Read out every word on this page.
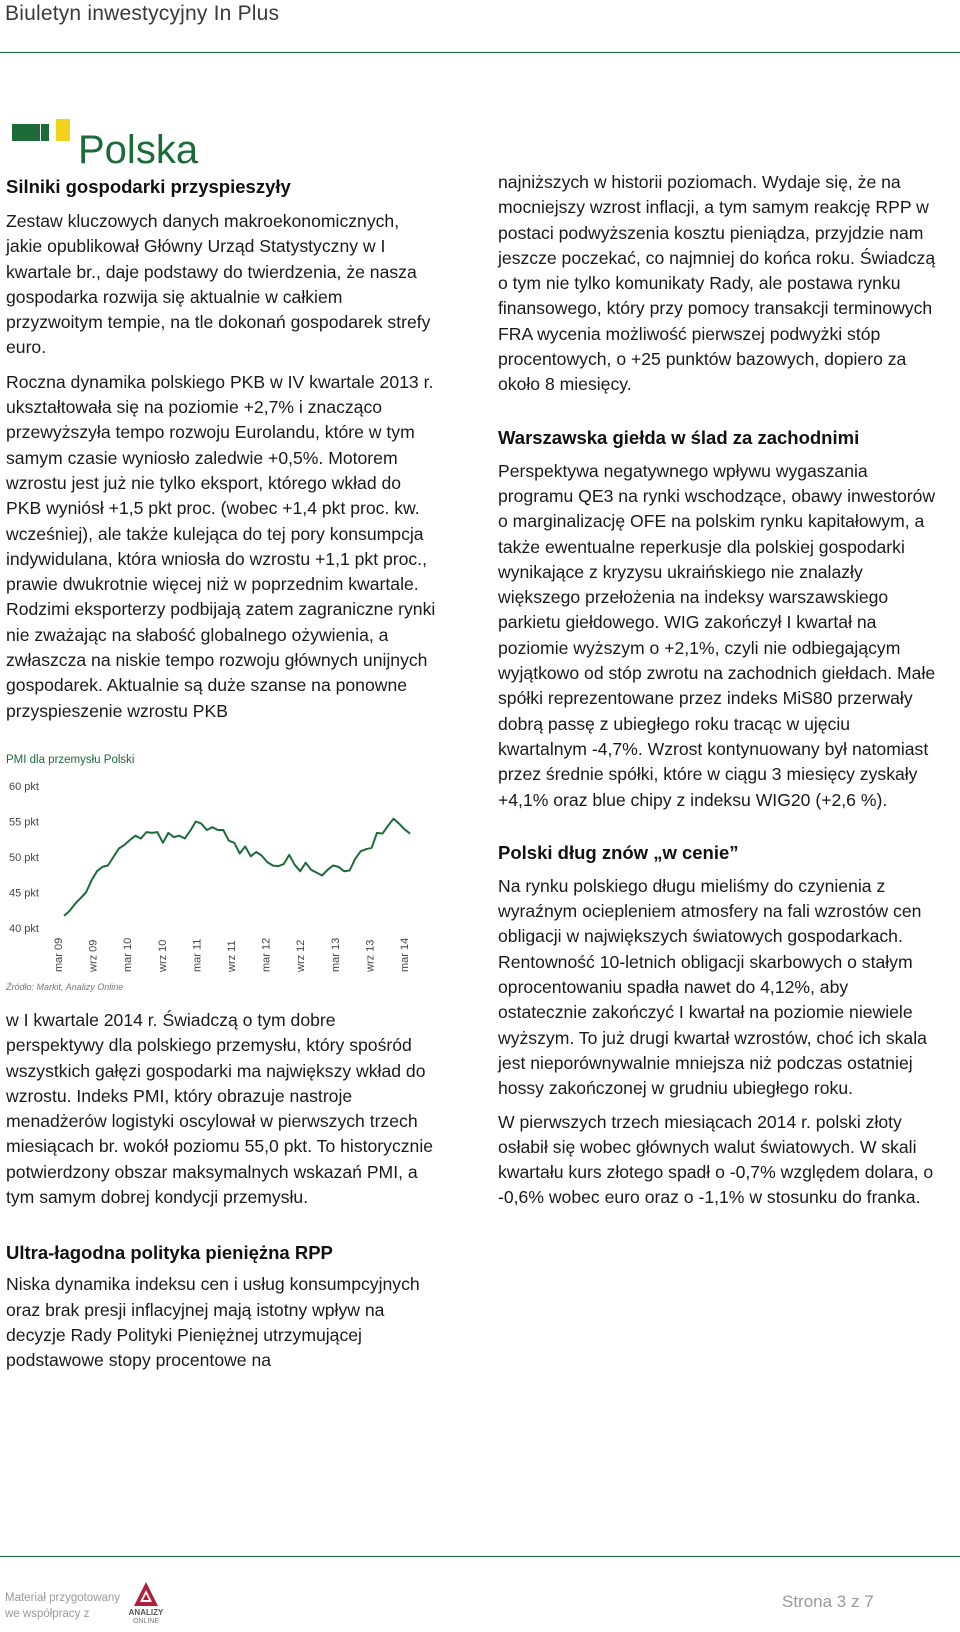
Biuletyn inwestycyjny In Plus
Polska
Silniki gospodarki przyspieszyły

Zestaw kluczowych danych makroekonomicznych, jakie opublikował Główny Urząd Statystyczny w I kwartale br., daje podstawy do twierdzenia, że nasza gospodarka rozwija się aktualnie w całkiem przyzwoitym tempie, na tle dokonań gospodarek strefy euro.

Roczna dynamika polskiego PKB w IV kwartale 2013 r. ukształtowała się na poziomie +2,7% i znacząco przewyższyła tempo rozwoju Eurolandu, które w tym samym czasie wyniosło zaledwie +0,5%. Motorem wzrostu jest już nie tylko eksport, którego wkład do PKB wyniósł +1,5 pkt proc. (wobec +1,4 pkt proc. kw. wcześniej), ale także kulejąca do tej pory konsumpcja indywidulana, która wniosła do wzrostu +1,1 pkt proc., prawie dwukrotnie więcej niż w poprzednim kwartale. Rodzimi eksporterzy podbijają zatem zagraniczne rynki nie zważając na słabość globalnego ożywienia, a zwłaszcza na niskie tempo rozwoju głównych unijnych gospodarek. Aktualnie są duże szanse na ponowne przyspieszenie wzrostu PKB

60 pkt
55 pkt
50 pkt
45 pkt
40 pkt
mar 09 wrz 09 mar 10 wrz 10 mar 11 wrz 11 mar 12 wrz 12 mar 13 wrz 13 mar 14
Źródło: Markit, Analizy Online
PMI dla przemysłu Polski

w I kwartale 2014 r. Świadczą o tym dobre perspektywy dla polskiego przemysłu, który spośród wszystkich gałęzi gospodarki ma największy wkład do wzrostu. Indeks PMI, który obrazuje nastroje menadżerów logistyki oscylował w pierwszych trzech miesiącach br. wokół poziomu 55,0 pkt. To historycznie potwierdzony obszar maksymalnych wskazań PMI, a tym samym dobrej kondycji przemysłu.

Ultra-łagodna polityka pieniężna RPP

Niska dynamika indeksu cen i usług konsumpcyjnych oraz brak presji inflacyjnej mają istotny wpływ na decyzje Rady Polityki Pieniężnej utrzymującej podstawowe stopy procentowe na

najniższych w historii poziomach. Wydaje się, że na mocniejszy wzrost inflacji, a tym samym reakcję RPP w postaci podwyższenia kosztu pieniądza, przyjdzie nam jeszcze poczekać, co najmniej do końca roku. Świadczą o tym nie tylko komunikaty Rady, ale postawa rynku finansowego, który przy pomocy transakcji terminowych FRA wycenia możliwość pierwszej podwyżki stóp procentowych, o +25 punktów bazowych, dopiero za około 8 miesięcy.

Warszawska giełda w ślad za zachodnimi

Perspektywa negatywnego wpływu wygaszania programu QE3 na rynki wschodzące, obawy inwestorów o marginalizację OFE na polskim rynku kapitałowym, a także ewentualne reperkusje dla polskiej gospodarki wynikające z kryzysu ukraińskiego nie znalazły większego przełożenia na indeksy warszawskiego parkietu giełdowego. WIG zakończył I kwartał na poziomie wyższym o +2,1%, czyli nie odbiegającym wyjątkowo od stóp zwrotu na zachodnich giełdach. Małe spółki reprezentowane przez indeks MiS80 przerwały dobrą passę z ubiegłego roku tracąc w ujęciu kwartalnym -4,7%. Wzrost kontynuowany był natomiast przez średnie spółki, które w ciągu 3 miesięcy zyskały +4,1% oraz blue chipy z indeksu WIG20 (+2,6 %).

Polski dług znów „w cenie”

Na rynku polskiego długu mieliśmy do czynienia z wyraźnym ociepleniem atmosfery na fali wzrostów cen obligacji w największych światowych gospodarkach. Rentowność 10-letnich obligacji skarbowych o stałym oprocentowaniu spadła nawet do 4,12%, aby ostatecznie zakończyć I kwartał na poziomie niewiele wyższym. To już drugi kwartał wzrostów, choć ich skala jest nieporównywalnie mniejsza niż podczas ostatniej hossy zakończonej w grudniu ubiegłego roku.

W pierwszych trzech miesiącach 2014 r. polski złoty osłabił się wobec głównych walut światowych. W skali kwartału kurs złotego spadł o -0,7% względem dolara, o -0,6% wobec euro oraz o -1,1% w stosunku do franka.

Materiał przygotowany
we współpracy z	ANALIZY
ONLINE
Strona 3 z 7
